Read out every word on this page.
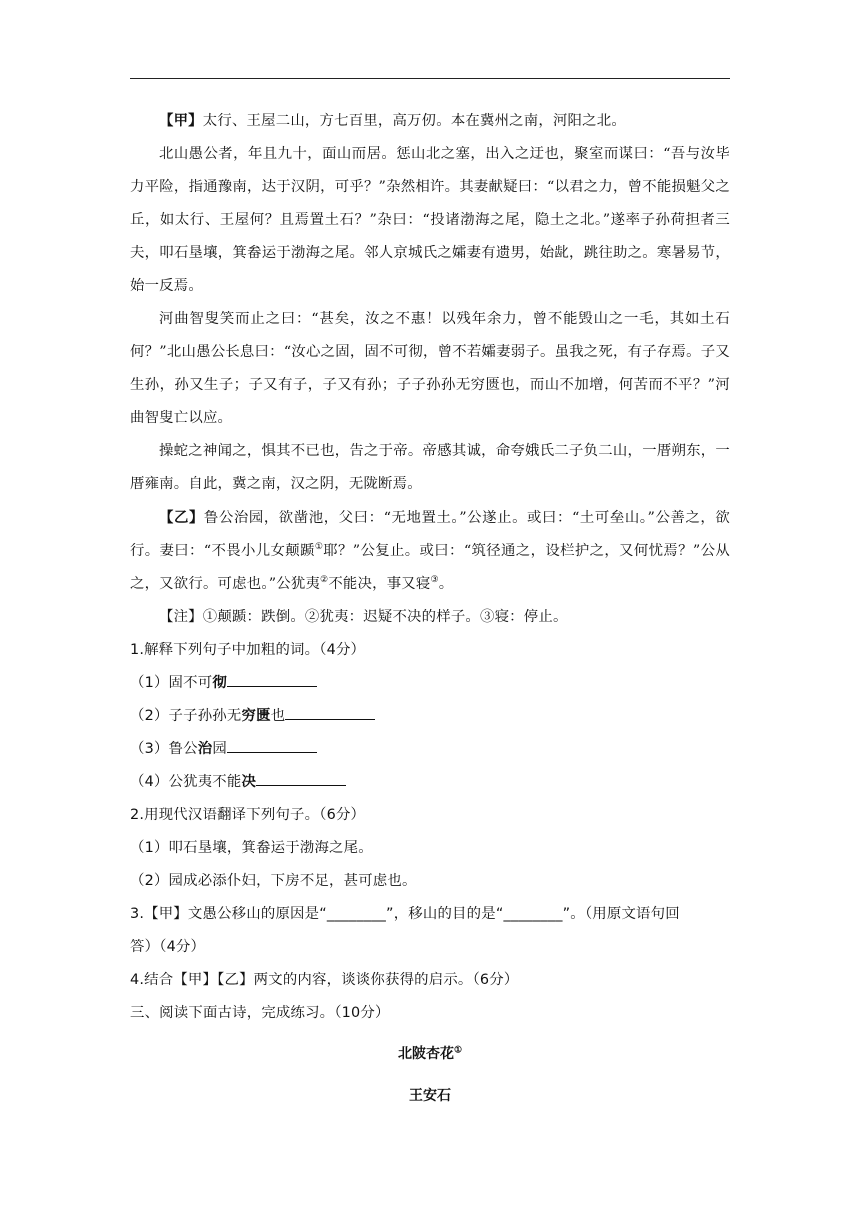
【甲】太行、王屋二山，方七百里，高万仞。本在冀州之南，河阳之北。

北山愚公者，年且九十，面山而居。惩山北之塞，出入之迂也，聚室而谋曰：“吾与汝毕力平险，指通豫南，达于汉阴，可乎？”杂然相许。其妻献疑曰：“以君之力，曾不能损魁父之丘，如太行、王屋何？且焉置土石？”杂曰：“投诸渤海之尾，隐土之北。”遂率子孙荷担者三夫，叩石垦壤，箕畚运于渤海之尾。邻人京城氏之孀妻有遗男，始龀，跳往助之。寒暑易节，始一反焉。

河曲智叟笑而止之曰：“甚矣，汝之不惠！以残年余力，曾不能毁山之一毛，其如土石何？”北山愚公长息曰：“汝心之固，固不可彻，曾不若孀妻弱子。虽我之死，有子存焉。子又生孙，孙又生子；子又有子，子又有孙；子子孙孙无穷匮也，而山不加增，何苦而不平？”河曲智叟亡以应。

操蛇之神闻之，惧其不已也，告之于帝。帝感其诚，命夸娥氏二子负二山，一厝朔东，一厝雍南。自此，冀之南，汉之阴，无陇断焉。

【乙】鲁公治园，欲凿池，父曰：“无地置土。”公遂止。或曰：“土可垒山。”公善之，欲行。妻曰：“不畏小儿女颠踬①耶？”公复止。或曰：“筑径通之，设栏护之，又何忧焉？”公从之，又欲行。可虑也。”公犹夷②不能决，事又寝③。

【注】①颠踬：跌倒。②犹夷：迟疑不决的样子。③寝：停止。

1.解释下列句子中加粗的词。（4分）

（1）固不可彻

（2）子子孙孙无穷匮也

（3）鲁公治园

（4）公犹夷不能决

2.用现代汉语翻译下列句子。（6分）

（1）叩石垦壤，箕畚运于渤海之尾。

（2）园成必添仆妇，下房不足，甚可虑也。

3.【甲】文愚公移山的原因是“________”，移山的目的是“________”。（用原文语句回

答）（4分）

4.结合【甲】【乙】两文的内容，谈谈你获得的启示。（6分）

三、阅读下面古诗，完成练习。（10分）

北陂杏花①

王安石
